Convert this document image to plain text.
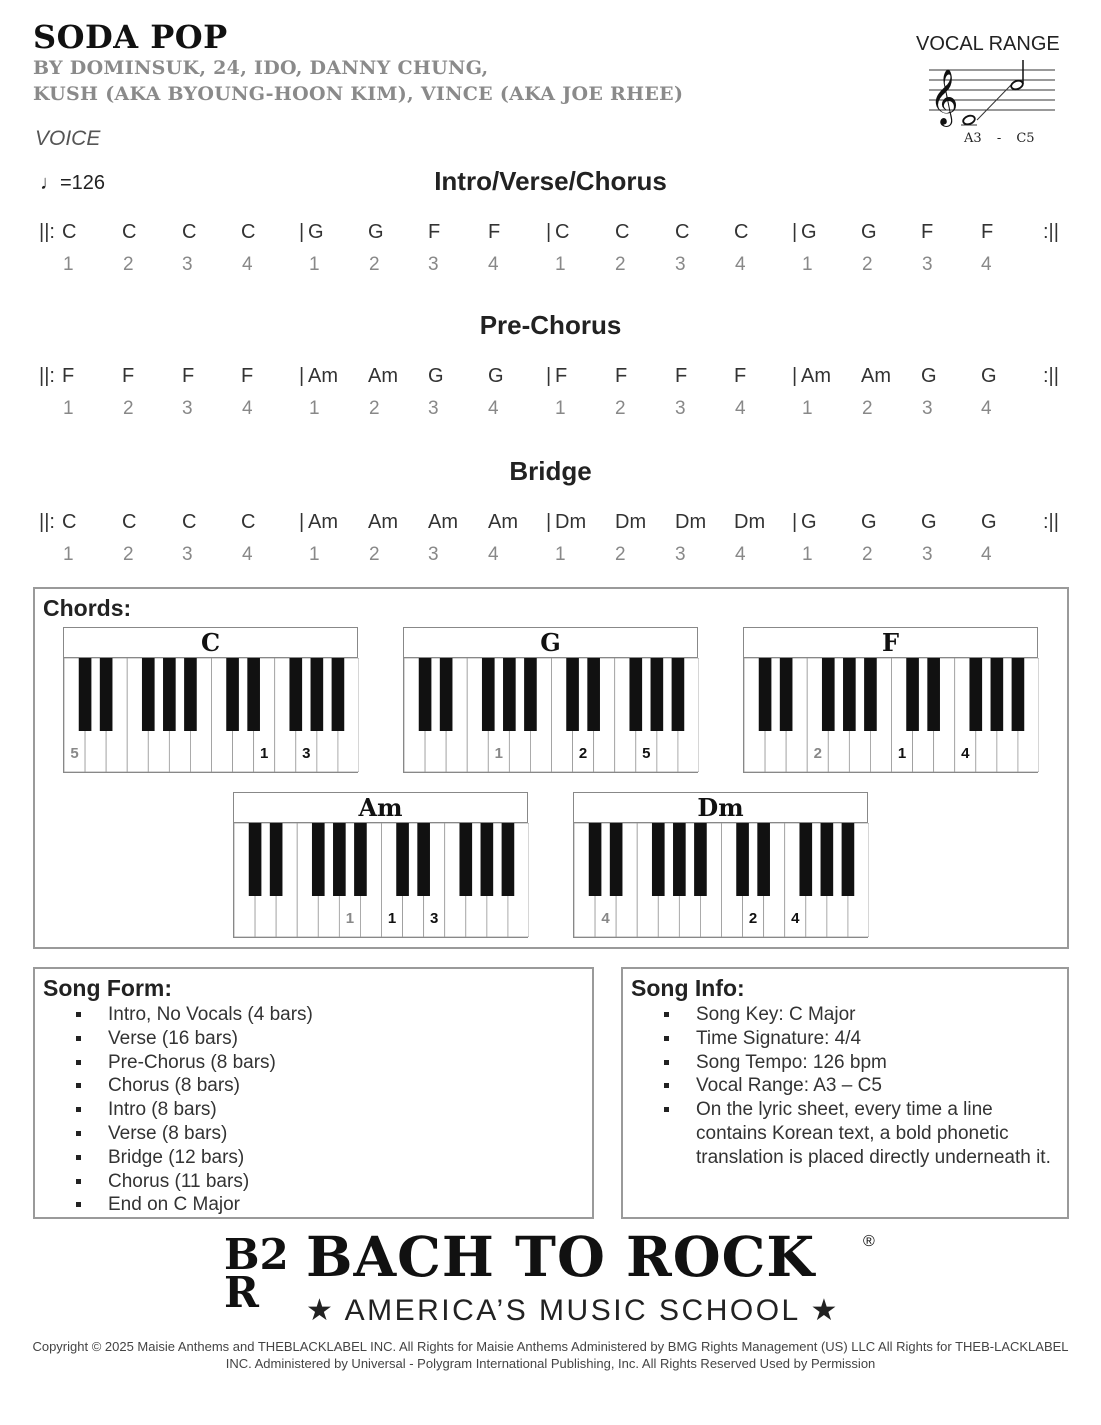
SODA POP
BY DOMINSUK, 24, IDO, DANNY CHUNG,
KUSH (AKA BYOUNG-HOON KIM), VINCE (AKA JOE RHEE)
VOICE
VOCAL RANGE
𝄞
A3 - C5
♩=126	Intro/Verse/Chorus
||:	:||
C C C C | G G F F | C C C C | G G F F
1	2	3	4	1	2	3	4	1	2	3	4	1	2	3	4
Pre-Chorus
||:	:||
F F F F | Am Am G G | F F F F | Am Am G G
1	2	3	4	1	2	3	4	1	2	3	4	1	2	3	4
Bridge
||:	:||
C C C C | Am Am Am Am | Dm Dm Dm Dm | G G G G
1	2	3	4	1	2	3	4	1	2	3	4	1	2	3	4
Chords:
C
5	1 3
G
1	2	5
F
2	1	4
Am
1 1 3
Dm
4	2 4
Song Form:
Intro, No Vocals (4 bars)
Verse (16 bars)
Pre-Chorus (8 bars)
Chorus (8 bars)
Intro (8 bars)
Verse (8 bars)
Bridge (12 bars)
Chorus (11 bars)
End on C Major
Song Info:
Song Key: C Major
Time Signature: 4/4
Song Tempo: 126 bpm
Vocal Range: A3 – C5
On the lyric sheet, every time a line contains Korean text, a bold phonetic translation is placed directly underneath it.
B2
R
BACH TO ROCK	®
★ AMERICA’S MUSIC SCHOOL ★
Copyright © 2025 Maisie Anthems and THEBLACKLABEL INC. All Rights for Maisie Anthems Administered by BMG Rights Management (US) LLC All Rights for THEB-LACKLABEL INC. Administered by Universal - Polygram International Publishing, Inc. All Rights Reserved Used by Permission
